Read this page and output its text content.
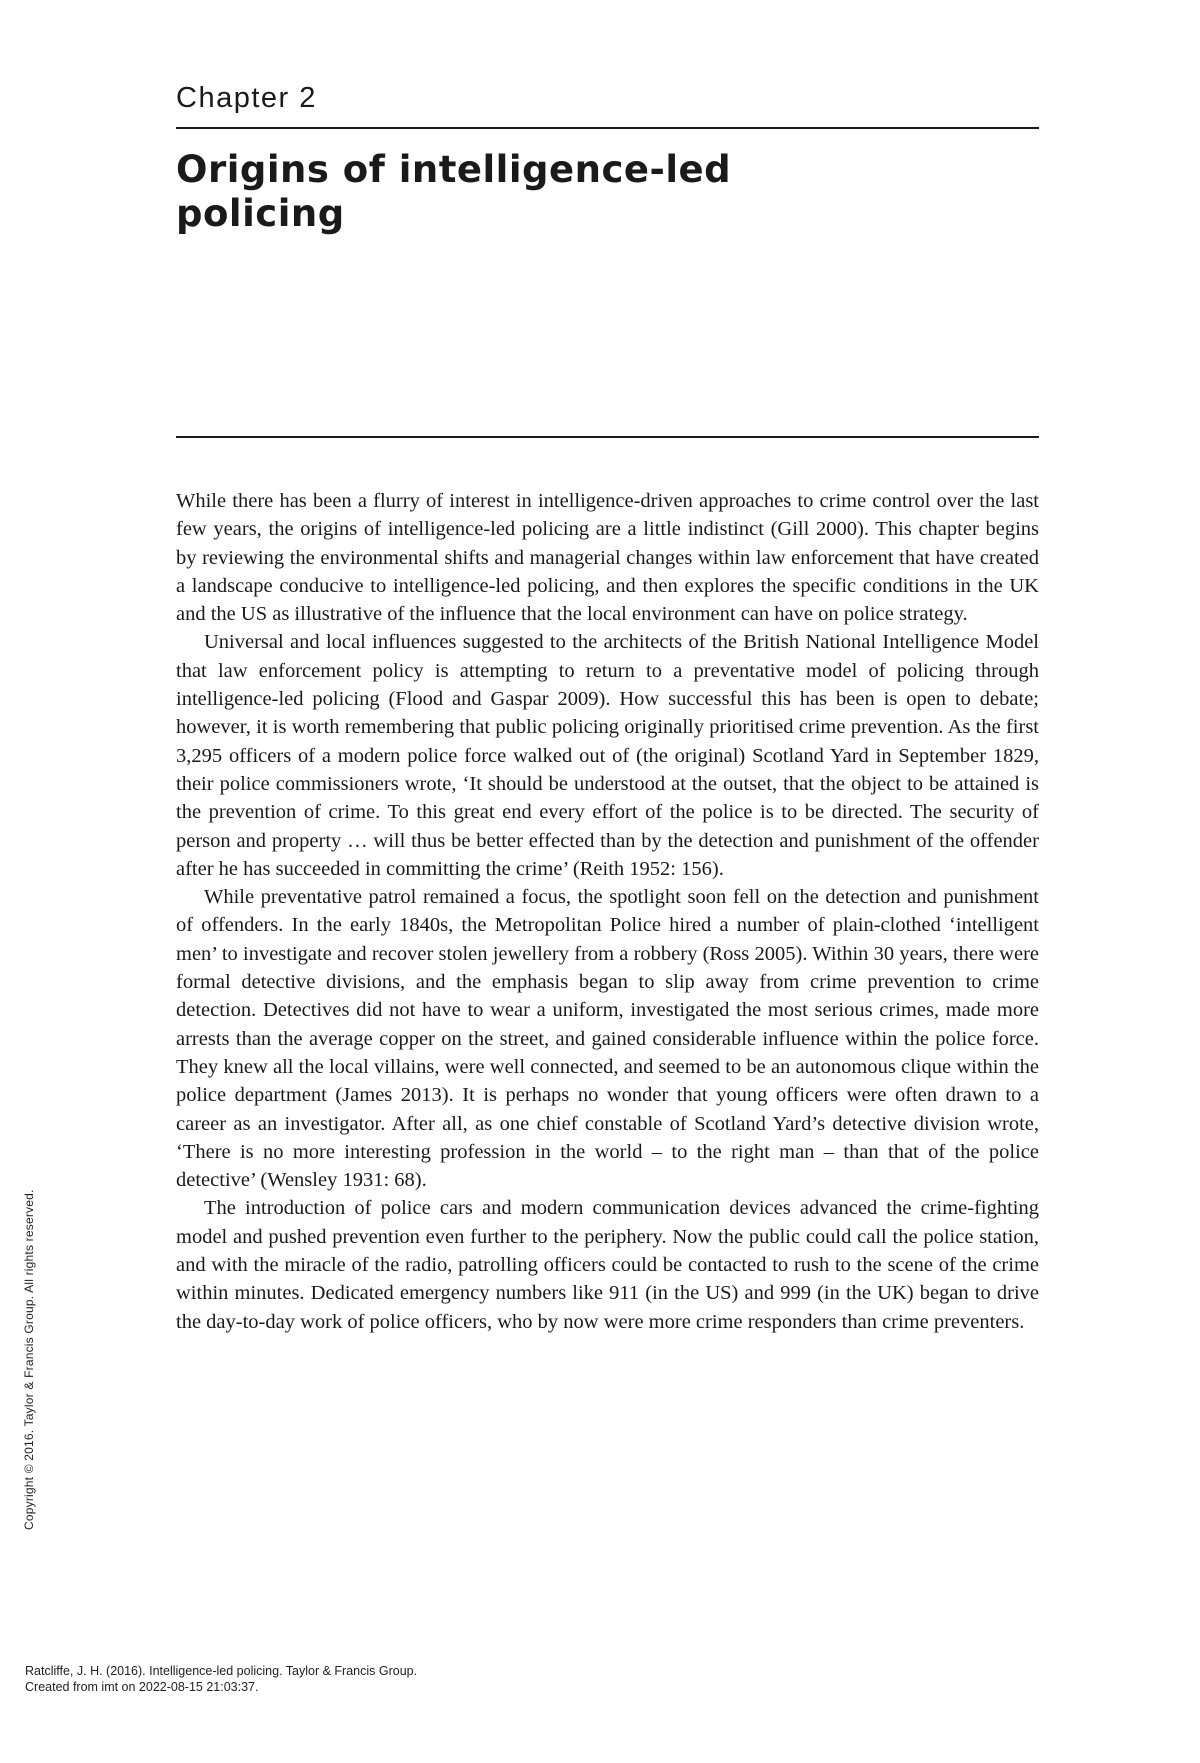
Chapter 2
Origins of intelligence-led
policing

While there has been a flurry of interest in intelligence-driven approaches to crime control over the last few years, the origins of intelligence-led policing are a little indistinct (Gill 2000). This chapter begins by reviewing the environmental shifts and managerial changes within law enforcement that have created a landscape conducive to intelligence-led policing, and then explores the specific conditions in the UK and the US as illustrative of the influence that the local environment can have on police strategy.

Universal and local influences suggested to the architects of the British National Intelligence Model that law enforcement policy is attempting to return to a preventative model of policing through intelligence-led policing (Flood and Gaspar 2009). How successful this has been is open to debate; however, it is worth remembering that public policing originally prioritised crime prevention. As the first 3,295 officers of a modern police force walked out of (the original) Scotland Yard in September 1829, their police commissioners wrote, ‘It should be understood at the outset, that the object to be attained is the prevention of crime. To this great end every effort of the police is to be directed. The security of person and property … will thus be better effected than by the detection and punishment of the offender after he has succeeded in committing the crime’ (Reith 1952: 156).

While preventative patrol remained a focus, the spotlight soon fell on the detection and punishment of offenders. In the early 1840s, the Metropolitan Police hired a number of plain-clothed ‘intelligent men’ to investigate and recover stolen jewellery from a robbery (Ross 2005). Within 30 years, there were formal detective divisions, and the emphasis began to slip away from crime prevention to crime detection. Detectives did not have to wear a uniform, investigated the most serious crimes, made more arrests than the average copper on the street, and gained considerable influence within the police force. They knew all the local villains, were well connected, and seemed to be an autonomous clique within the police department (James 2013). It is perhaps no wonder that young officers were often drawn to a career as an investigator. After all, as one chief constable of Scotland Yard’s detective division wrote, ‘There is no more interesting profession in the world – to the right man – than that of the police detective’ (Wensley 1931: 68).

The introduction of police cars and modern communication devices advanced the crime-fighting model and pushed prevention even further to the periphery. Now the public could call the police station, and with the miracle of the radio, patrolling officers could be contacted to rush to the scene of the crime within minutes. Dedicated emergency numbers like 911 (in the US) and 999 (in the UK) began to drive the day-to-day work of police officers, who by now were more crime responders than crime preventers.

Copyright © 2016. Taylor & Francis Group. All rights reserved.
Ratcliffe, J. H. (2016). Intelligence-led policing. Taylor & Francis Group.
Created from imt on 2022-08-15 21:03:37.
